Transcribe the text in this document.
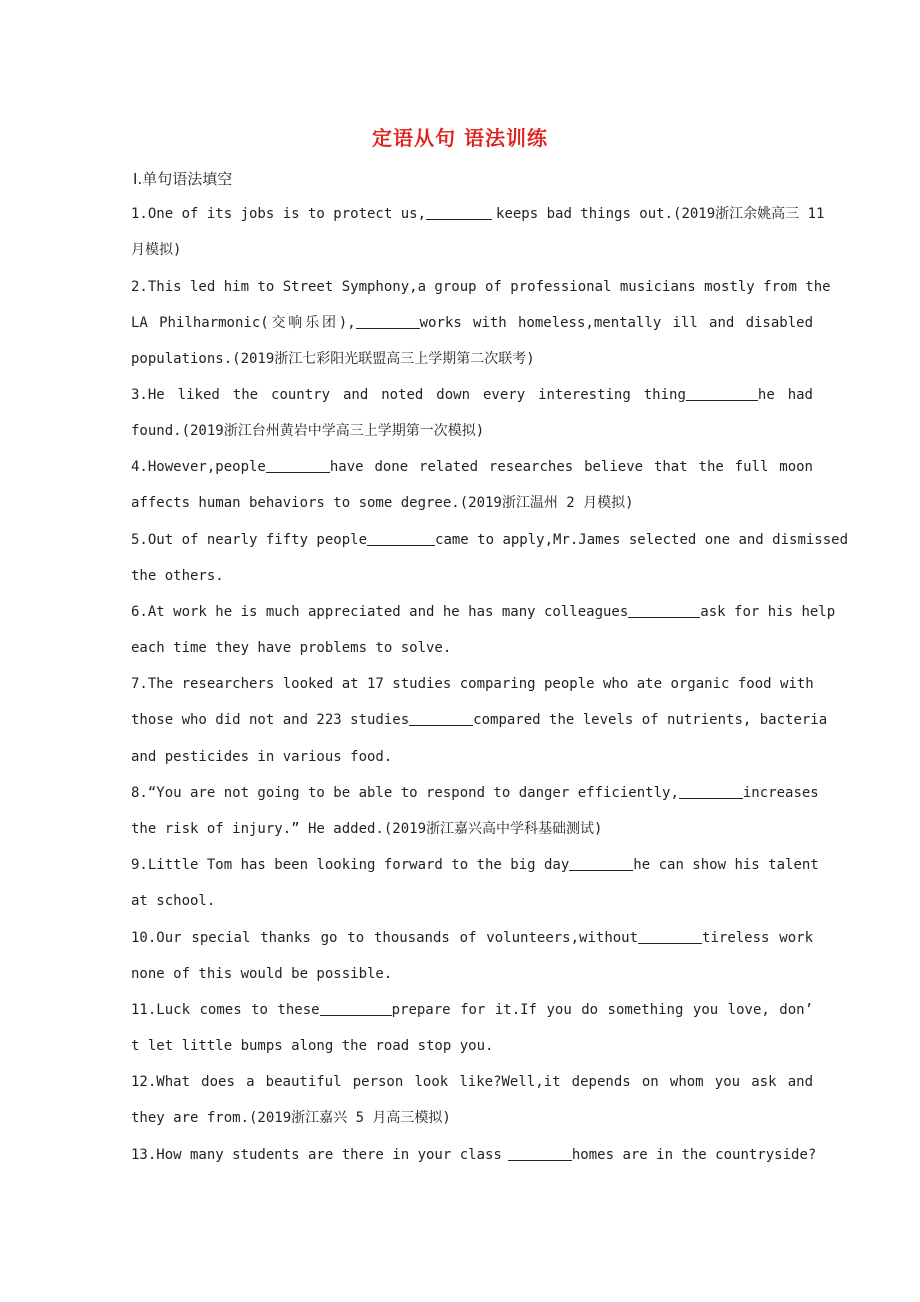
定语从句 语法训练
Ⅰ.单句语法填空
1.One of its jobs is to protect us,	keeps bad things out.(2019浙江余姚高三 11
月模拟)
2.This led him to Street Symphony,a group of professional musicians mostly from the
LA Philharmonic(交响乐团),	works with homeless,mentally ill and disabled
populations.(2019浙江七彩阳光联盟高三上学期第二次联考)
3.He liked the country and noted down every interesting thing	he had
found.(2019浙江台州黄岩中学高三上学期第一次模拟)
4.However,people	have done related researches believe that the full moon
affects human behaviors to some degree.(2019浙江温州 2 月模拟)
5.Out of nearly fifty people	came to apply,Mr.James selected one and dismissed
the others.
6.At work he is much appreciated and he has many colleagues	ask for his help
each time they have problems to solve.
7.The researchers looked at 17 studies comparing people who ate organic food with
those who did not and 223 studies	compared the levels of nutrients, bacteria
and pesticides in various food.
8.“You are not going to be able to respond to danger efficiently,	increases
the risk of injury.” He added.(2019浙江嘉兴高中学科基础测试)
9.Little Tom has been looking forward to the big day	he can show his talent
at school.
10.Our special thanks go to thousands of volunteers,without	tireless work
none of this would be possible.
11.Luck comes to these	prepare for it.If you do something you love, don’
t let little bumps along the road stop you.
12.What does a beautiful person look like?Well,it depends on whom you ask and
they are from.(2019浙江嘉兴 5 月高三模拟)
13.How many students are there in your class	homes are in the countryside?
